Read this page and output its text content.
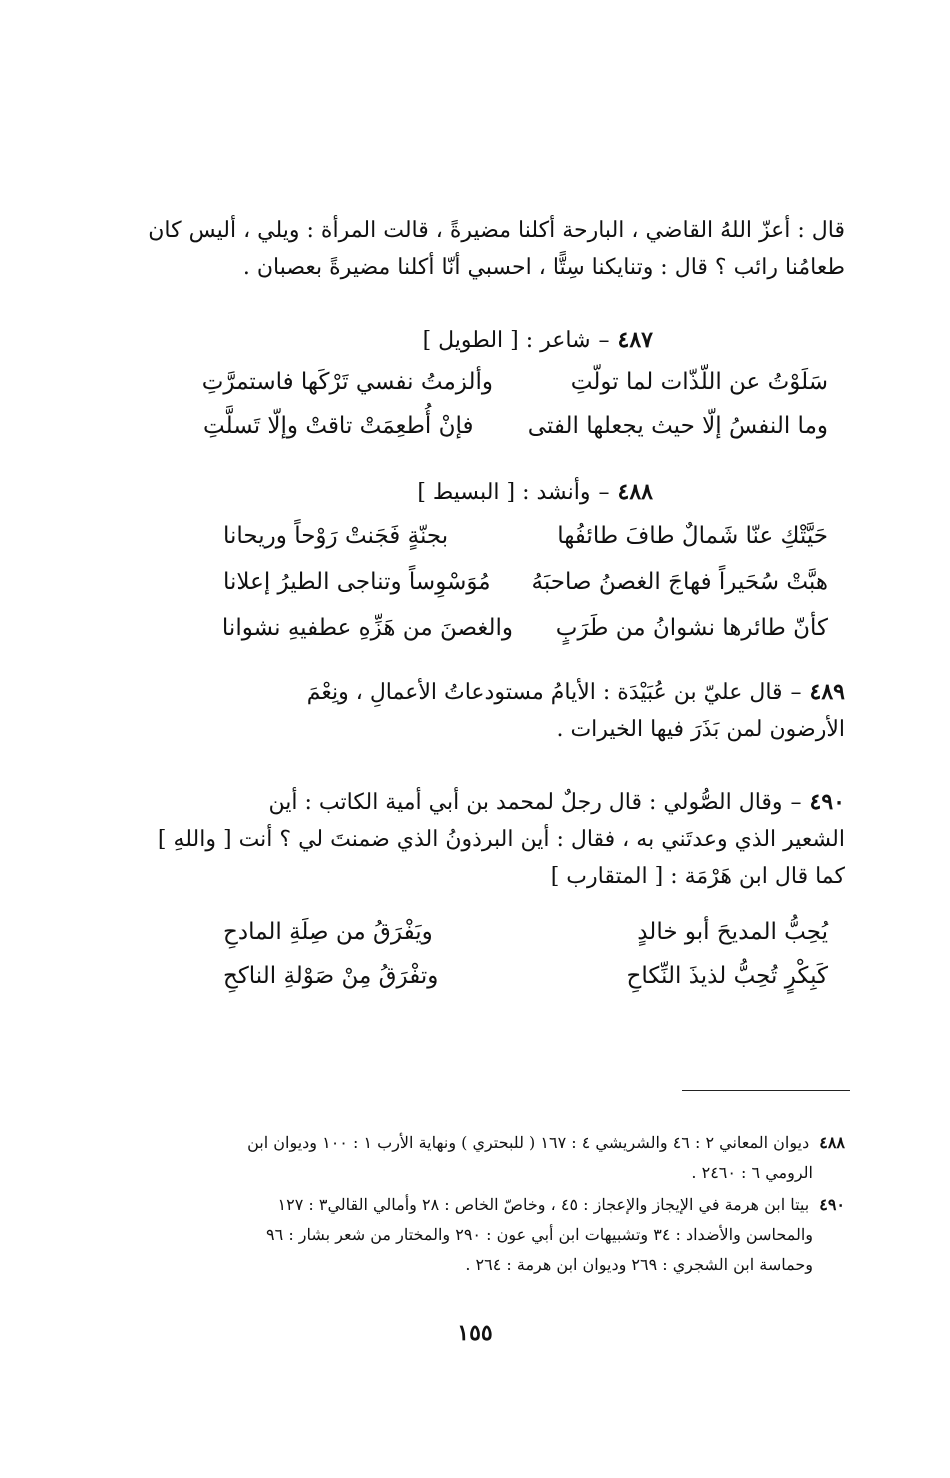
قال : أعزّ اللهُ القاضي ، البارحة أكلنا مضيرةً ، قالت المرأة : ويلي ، أليس كان
طعامُنا رائب ؟ قال : وتنايكنا سِتًّا ، احسبي أنّا أكلنا مضيرةً بعصبان .
٤٨٧–شاعر : [ الطويل ]
سَلَوْتُ عن اللّذّات لما تولّتِ
وألزمتُ نفسي تَرْكَها فاستمرَّتِ
وما النفسُ إلّا حيث يجعلها الفتى
فإنْ أُطعِمَتْ تاقتْ وإلّا تَسلَّتِ
٤٨٨–وأنشد : [ البسيط ]
حَيَّتْكِ عنّا شَمالٌ طافَ طائفُها
بجنّةٍ فَجَنتْ رَوْحاً وريحانا
هبَّتْ سُحَيراً فهاجَ الغصنُ صاحبَهُ
مُوَسْوِساً وتناجى الطيرُ إعلانا
كأنّ طائرها نشوانُ من طَرَبٍ
والغصنَ من هَزِّهِ عطفيهِ نشوانا
٤٨٩–قال عليّ بن عُبَيْدَة : الأيامُ مستودعاتُ الأعمالِ ، ونِعْمَ
الأرضون لمن بَذَرَ فيها الخيرات .
٤٩٠–وقال الصُّولي : قال رجلٌ لمحمد بن أبي أمية الكاتب : أين
الشعير الذي وعدتَني به ، فقال : أين البرذونُ الذي ضمنتَ لي ؟ أنت [ واللهِ ]
كما قال ابن هَرْمَة : [ المتقارب ]
يُحِبُّ المديحَ أبو خالدٍ
ويَفْرَقُ من صِلَةِ المادحِ
كَبِكْرٍ تُحِبُّ لذيذَ النِّكاحِ
وتفْرَقُ مِنْ صَوْلةِ الناكحِ
٤٨٨ديوان المعاني ٢ : ٤٦ والشريشي ٤ : ١٦٧ ( للبحتري ) ونهاية الأرب ١ : ١٠٠ وديوان ابن
الرومي ٦ : ٢٤٦٠ .
٤٩٠بيتا ابن هرمة في الإيجاز والإعجاز : ٤٥ ، وخاصّ الخاص : ٢٨ وأمالي القالي٣ : ١٢٧
والمحاسن والأضداد : ٣٤ وتشبيهات ابن أبي عون : ٢٩٠ والمختار من شعر بشار : ٩٦
وحماسة ابن الشجري : ٢٦٩ وديوان ابن هرمة : ٢٦٤ .
١٥٥
